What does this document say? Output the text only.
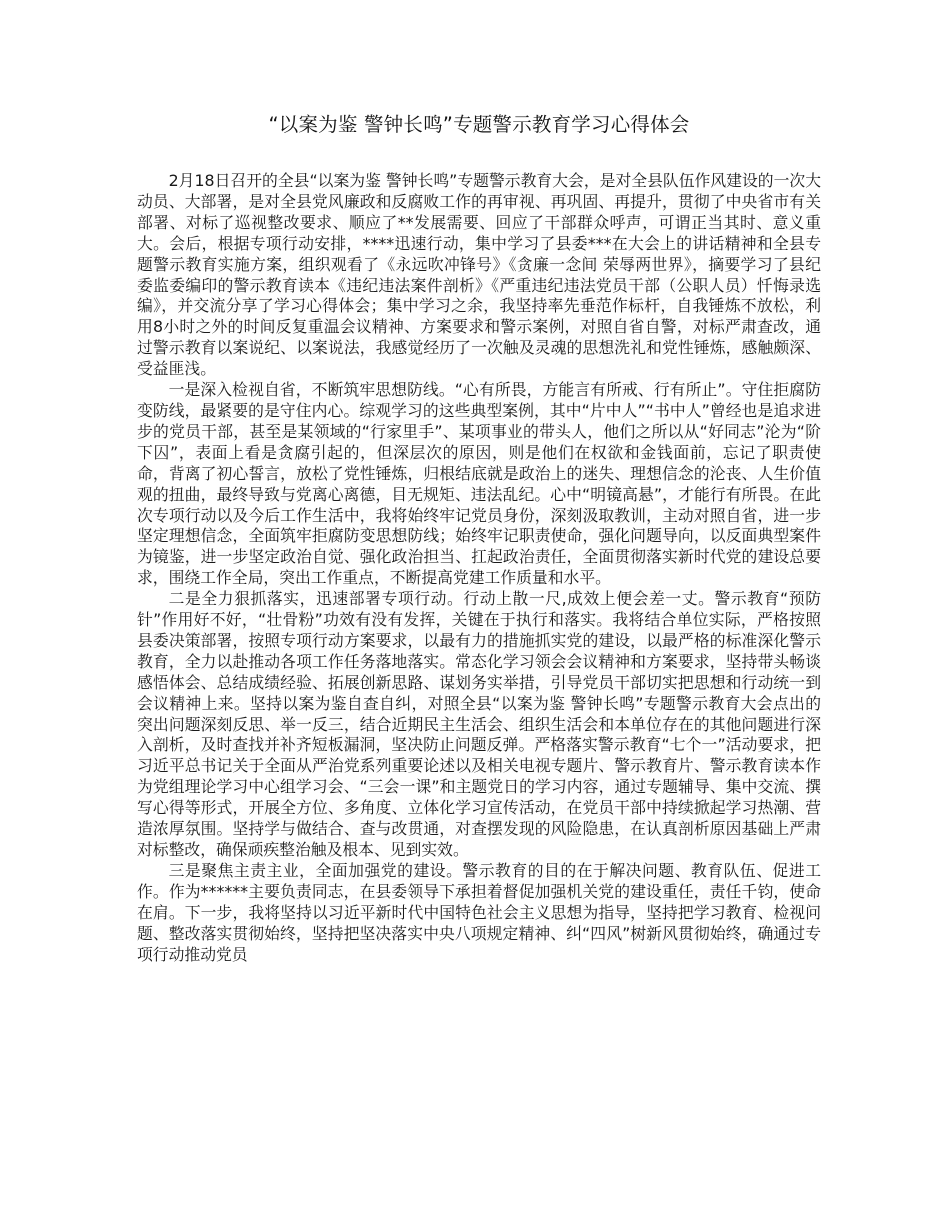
“以案为鉴 警钟长鸣”专题警示教育学习心得体会

2月18日召开的全县“以案为鉴 警钟长鸣”专题警示教育大会，是对全县队伍作风建设的一次大动员、大部署，是对全县党风廉政和反腐败工作的再审视、再巩固、再提升，贯彻了中央省市有关部署、对标了巡视整改要求、顺应了**发展需要、回应了干部群众呼声，可谓正当其时、意义重大。会后，根据专项行动安排，****迅速行动，集中学习了县委***在大会上的讲话精神和全县专题警示教育实施方案，组织观看了《永远吹冲锋号》《贪廉一念间 荣辱两世界》，摘要学习了县纪委监委编印的警示教育读本《违纪违法案件剖析》《严重违纪违法党员干部（公职人员）忏悔录选编》，并交流分享了学习心得体会；集中学习之余，我坚持率先垂范作标杆，自我锤炼不放松，利用8小时之外的时间反复重温会议精神、方案要求和警示案例，对照自省自警，对标严肃查改，通过警示教育以案说纪、以案说法，我感觉经历了一次触及灵魂的思想洗礼和党性锤炼，感触颇深、受益匪浅。

一是深入检视自省，不断筑牢思想防线。“心有所畏，方能言有所戒、行有所止”。守住拒腐防变防线，最紧要的是守住内心。综观学习的这些典型案例，其中“片中人”“书中人”曾经也是追求进步的党员干部，甚至是某领域的“行家里手”、某项事业的带头人，他们之所以从“好同志”沦为“阶下囚”，表面上看是贪腐引起的，但深层次的原因，则是他们在权欲和金钱面前，忘记了职责使命，背离了初心誓言，放松了党性锤炼，归根结底就是政治上的迷失、理想信念的沦丧、人生价值观的扭曲，最终导致与党离心离德，目无规矩、违法乱纪。心中“明镜高悬”，才能行有所畏。在此次专项行动以及今后工作生活中，我将始终牢记党员身份，深刻汲取教训，主动对照自省，进一步坚定理想信念，全面筑牢拒腐防变思想防线；始终牢记职责使命，强化问题导向，以反面典型案件为镜鉴，进一步坚定政治自觉、强化政治担当、扛起政治责任，全面贯彻落实新时代党的建设总要求，围绕工作全局，突出工作重点，不断提高党建工作质量和水平。

二是全力狠抓落实，迅速部署专项行动。行动上散一尺,成效上便会差一丈。警示教育“预防针”作用好不好，“壮骨粉”功效有没有发挥，关键在于执行和落实。我将结合单位实际，严格按照县委决策部署，按照专项行动方案要求，以最有力的措施抓实党的建设，以最严格的标准深化警示教育，全力以赴推动各项工作任务落地落实。常态化学习领会会议精神和方案要求，坚持带头畅谈感悟体会、总结成绩经验、拓展创新思路、谋划务实举措，引导党员干部切实把思想和行动统一到会议精神上来。坚持以案为鉴自查自纠，对照全县“以案为鉴 警钟长鸣”专题警示教育大会点出的突出问题深刻反思、举一反三，结合近期民主生活会、组织生活会和本单位存在的其他问题进行深入剖析，及时查找并补齐短板漏洞，坚决防止问题反弹。严格落实警示教育“七个一”活动要求，把习近平总书记关于全面从严治党系列重要论述以及相关电视专题片、警示教育片、警示教育读本作为党组理论学习中心组学习会、“三会一课”和主题党日的学习内容，通过专题辅导、集中交流、撰写心得等形式，开展全方位、多角度、立体化学习宣传活动，在党员干部中持续掀起学习热潮、营造浓厚氛围。坚持学与做结合、查与改贯通，对查摆发现的风险隐患，在认真剖析原因基础上严肃对标整改，确保顽疾整治触及根本、见到实效。

三是聚焦主责主业，全面加强党的建设。警示教育的目的在于解决问题、教育队伍、促进工作。作为******主要负责同志，在县委领导下承担着督促加强机关党的建设重任，责任千钧，使命在肩。下一步，我将坚持以习近平新时代中国特色社会主义思想为指导，坚持把学习教育、检视问题、整改落实贯彻始终，坚持把坚决落实中央八项规定精神、纠“四风”树新风贯彻始终，确通过专项行动推动党员
